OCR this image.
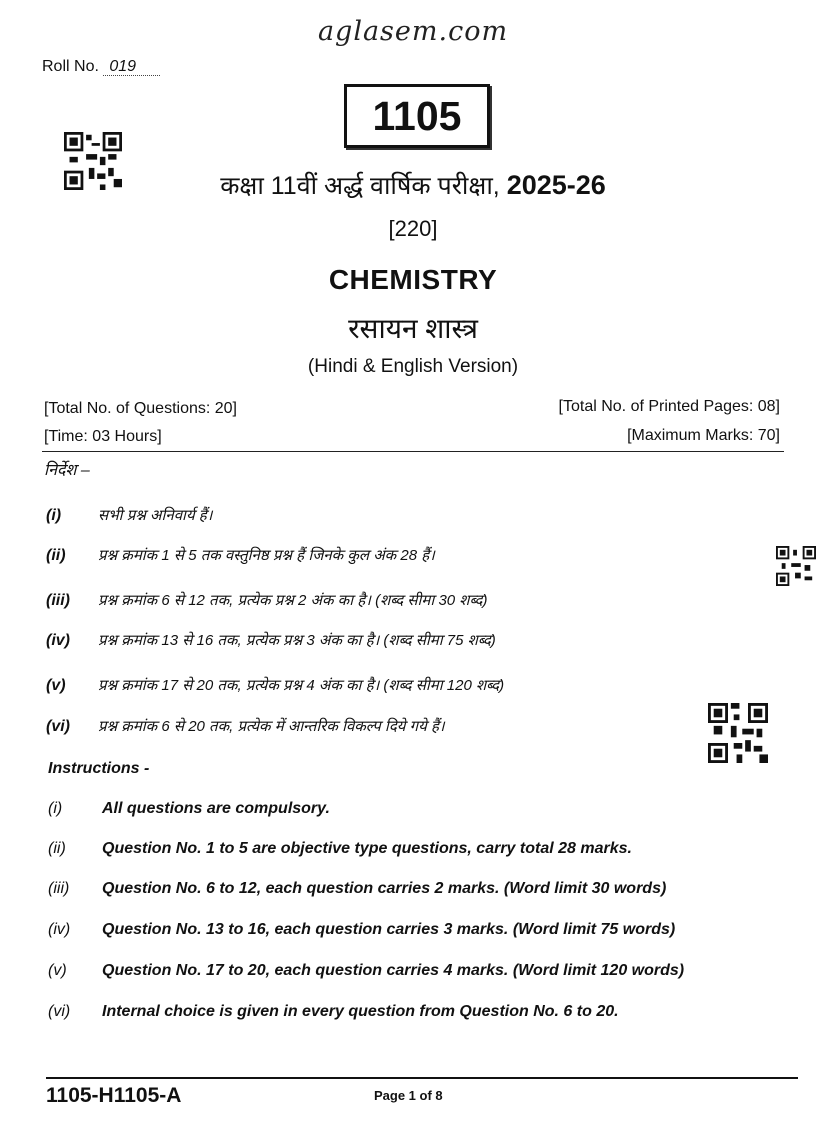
aglasem.com
Roll No. 019
1105
कक्षा 11वीं अर्द्ध वार्षिक परीक्षा, 2025-26
[220]
CHEMISTRY
रसायन शास्त्र
(Hindi & English Version)
[Total No. of Questions: 20]	[Total No. of Printed Pages: 08]
[Time: 03 Hours]	[Maximum Marks: 70]
निर्देश –
(i) सभी प्रश्न अनिवार्य हैं।
(ii) प्रश्न क्रमांक 1 से 5 तक वस्तुनिष्ठ प्रश्न हैं जिनके कुल अंक 28 हैं।
(iii) प्रश्न क्रमांक 6 से 12 तक, प्रत्येक प्रश्न 2 अंक का है। (शब्द सीमा 30 शब्द)
(iv) प्रश्न क्रमांक 13 से 16 तक, प्रत्येक प्रश्न 3 अंक का है। (शब्द सीमा 75 शब्द)
(v) प्रश्न क्रमांक 17 से 20 तक, प्रत्येक प्रश्न 4 अंक का है। (शब्द सीमा 120 शब्द)
(vi) प्रश्न क्रमांक 6 से 20 तक, प्रत्येक में आन्तरिक विकल्प दिये गये हैं।
Instructions -
(i) All questions are compulsory.
(ii) Question No. 1 to 5 are objective type questions, carry total 28 marks.
(iii) Question No. 6 to 12, each question carries 2 marks. (Word limit 30 words)
(iv) Question No. 13 to 16, each question carries 3 marks. (Word limit 75 words)
(v) Question No. 17 to 20, each question carries 4 marks. (Word limit 120 words)
(vi) Internal choice is given in every question from Question No. 6 to 20.
1105-H1105-A	Page 1 of 8
